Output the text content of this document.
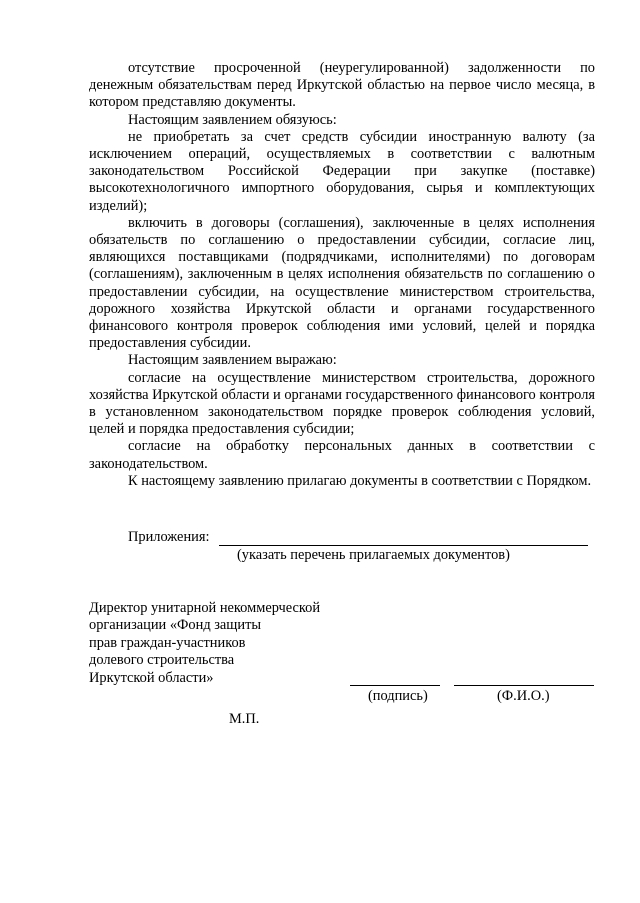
отсутствие просроченной (неурегулированной) задолженности по денежным обязательствам перед Иркутской областью на первое число месяца, в котором представляю документы.

Настоящим заявлением обязуюсь:

не приобретать за счет средств субсидии иностранную валюту (за исключением операций, осуществляемых в соответствии с валютным законодательством Российской Федерации при закупке (поставке) высокотехнологичного импортного оборудования, сырья и комплектующих изделий);

включить в договоры (соглашения), заключенные в целях исполнения обязательств по соглашению о предоставлении субсидии, согласие лиц, являющихся поставщиками (подрядчиками, исполнителями) по договорам (соглашениям), заключенным в целях исполнения обязательств по соглашению о предоставлении субсидии, на осуществление министерством строительства, дорожного хозяйства Иркутской области и органами государственного финансового контроля проверок соблюдения ими условий, целей и порядка предоставления субсидии.

Настоящим заявлением выражаю:

согласие на осуществление министерством строительства, дорожного хозяйства Иркутской области и органами государственного финансового контроля в установленном законодательством порядке проверок соблюдения условий, целей и порядка предоставления субсидии;

согласие на обработку персональных данных в соответствии с законодательством.

К настоящему заявлению прилагаю документы в соответствии с Порядком.

Приложения:
(указать перечень прилагаемых документов)
Директор унитарной некоммерческой
организации «Фонд защиты
прав граждан-участников
долевого строительства
Иркутской области»
(подпись)	(Ф.И.О.)
М.П.
